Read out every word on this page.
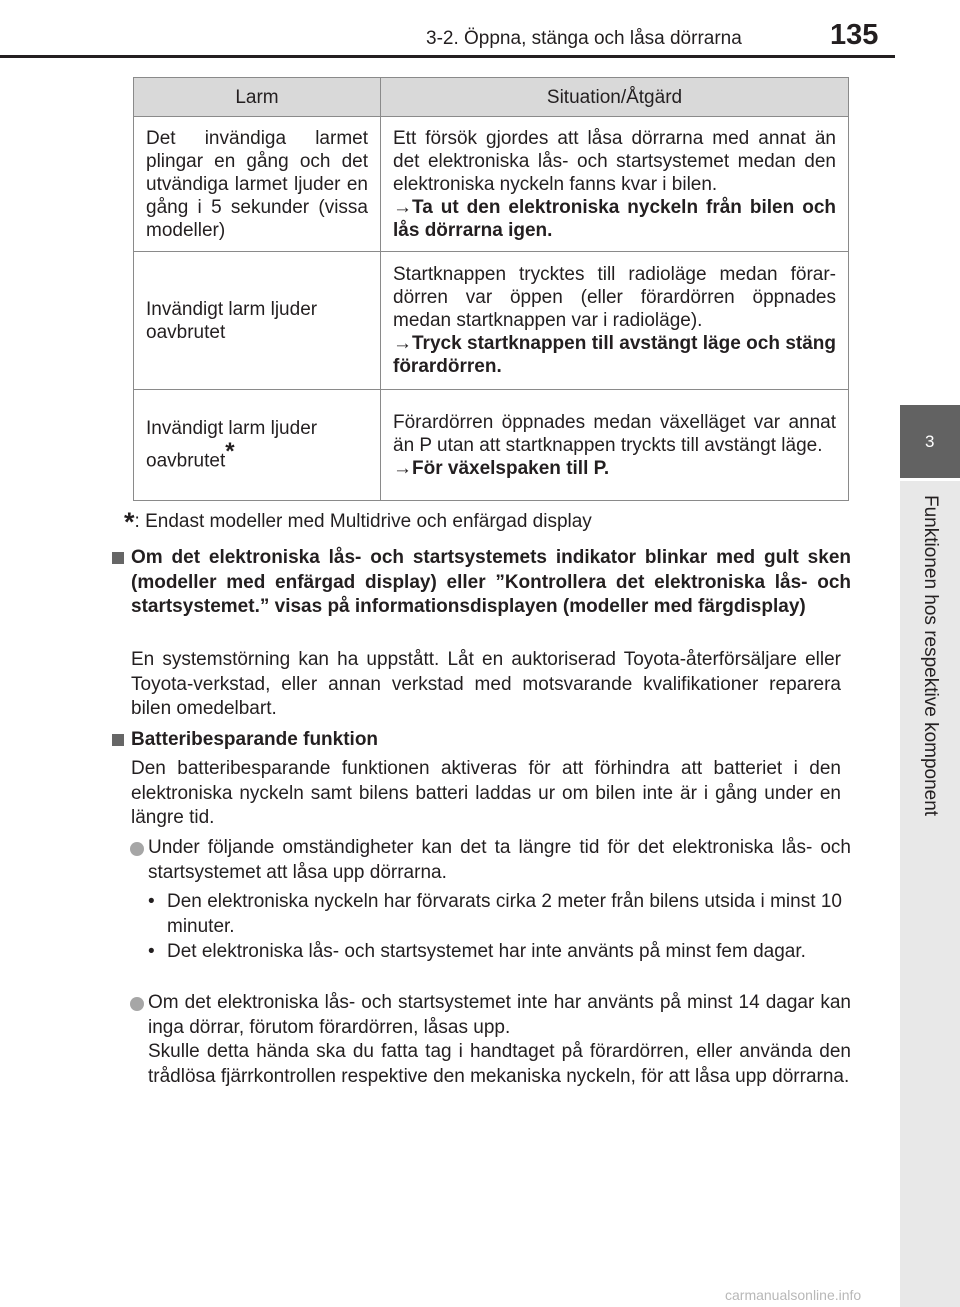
3-2. Öppna, stänga och låsa dörrarna	135
3
Funktionen hos respektive komponent
Larm	Situation/Åtgärd
Det invändiga larmet plingar en gång och det utvändiga larmet ljuder en gång i 5 sekunder (vissa modeller)	Ett försök gjordes att låsa dörrarna med annat än det elektroniska lås- och startsystemet medan den elektroniska nyckeln fanns kvar i bilen.
→Ta ut den elektroniska nyckeln från bilen och lås dörrarna igen.

Invändigt larm ljuder oavbrutet	Startknappen trycktes till radioläge medan förar-dörren var öppen (eller förardörren öppnades medan startknappen var i radioläge).
→Tryck startknappen till avstängt läge och stäng förardörren.

Invändigt larm ljuder oavbrutet*	Förardörren öppnades medan växelläget var annat än P utan att startknappen tryckts till avstängt läge.
→För växelspaken till P.
*: Endast modeller med Multidrive och enfärgad display
Om det elektroniska lås- och startsystemets indikator blinkar med gult sken (modeller med enfärgad display) eller ”Kontrollera det elektroniska lås- och startsystemet.” visas på informationsdisplayen (modeller med färgdisplay)
En systemstörning kan ha uppstått. Låt en auktoriserad Toyota-återförsäljare eller Toyota-verkstad, eller annan verkstad med motsvarande kvalifikationer reparera bilen omedelbart.
Batteribesparande funktion
Den batteribesparande funktionen aktiveras för att förhindra att batteriet i den elektroniska nyckeln samt bilens batteri laddas ur om bilen inte är i gång under en längre tid.
Under följande omständigheter kan det ta längre tid för det elektroniska lås- och startsystemet att låsa upp dörrarna.
• Den elektroniska nyckeln har förvarats cirka 2 meter från bilens utsida i minst 10 minuter.
• Det elektroniska lås- och startsystemet har inte använts på minst fem dagar.
Om det elektroniska lås- och startsystemet inte har använts på minst 14 dagar kan inga dörrar, förutom förardörren, låsas upp.
Skulle detta hända ska du fatta tag i handtaget på förardörren, eller använda den trådlösa fjärrkontrollen respektive den mekaniska nyckeln, för att låsa upp dörrarna.
carmanualsonline.info
